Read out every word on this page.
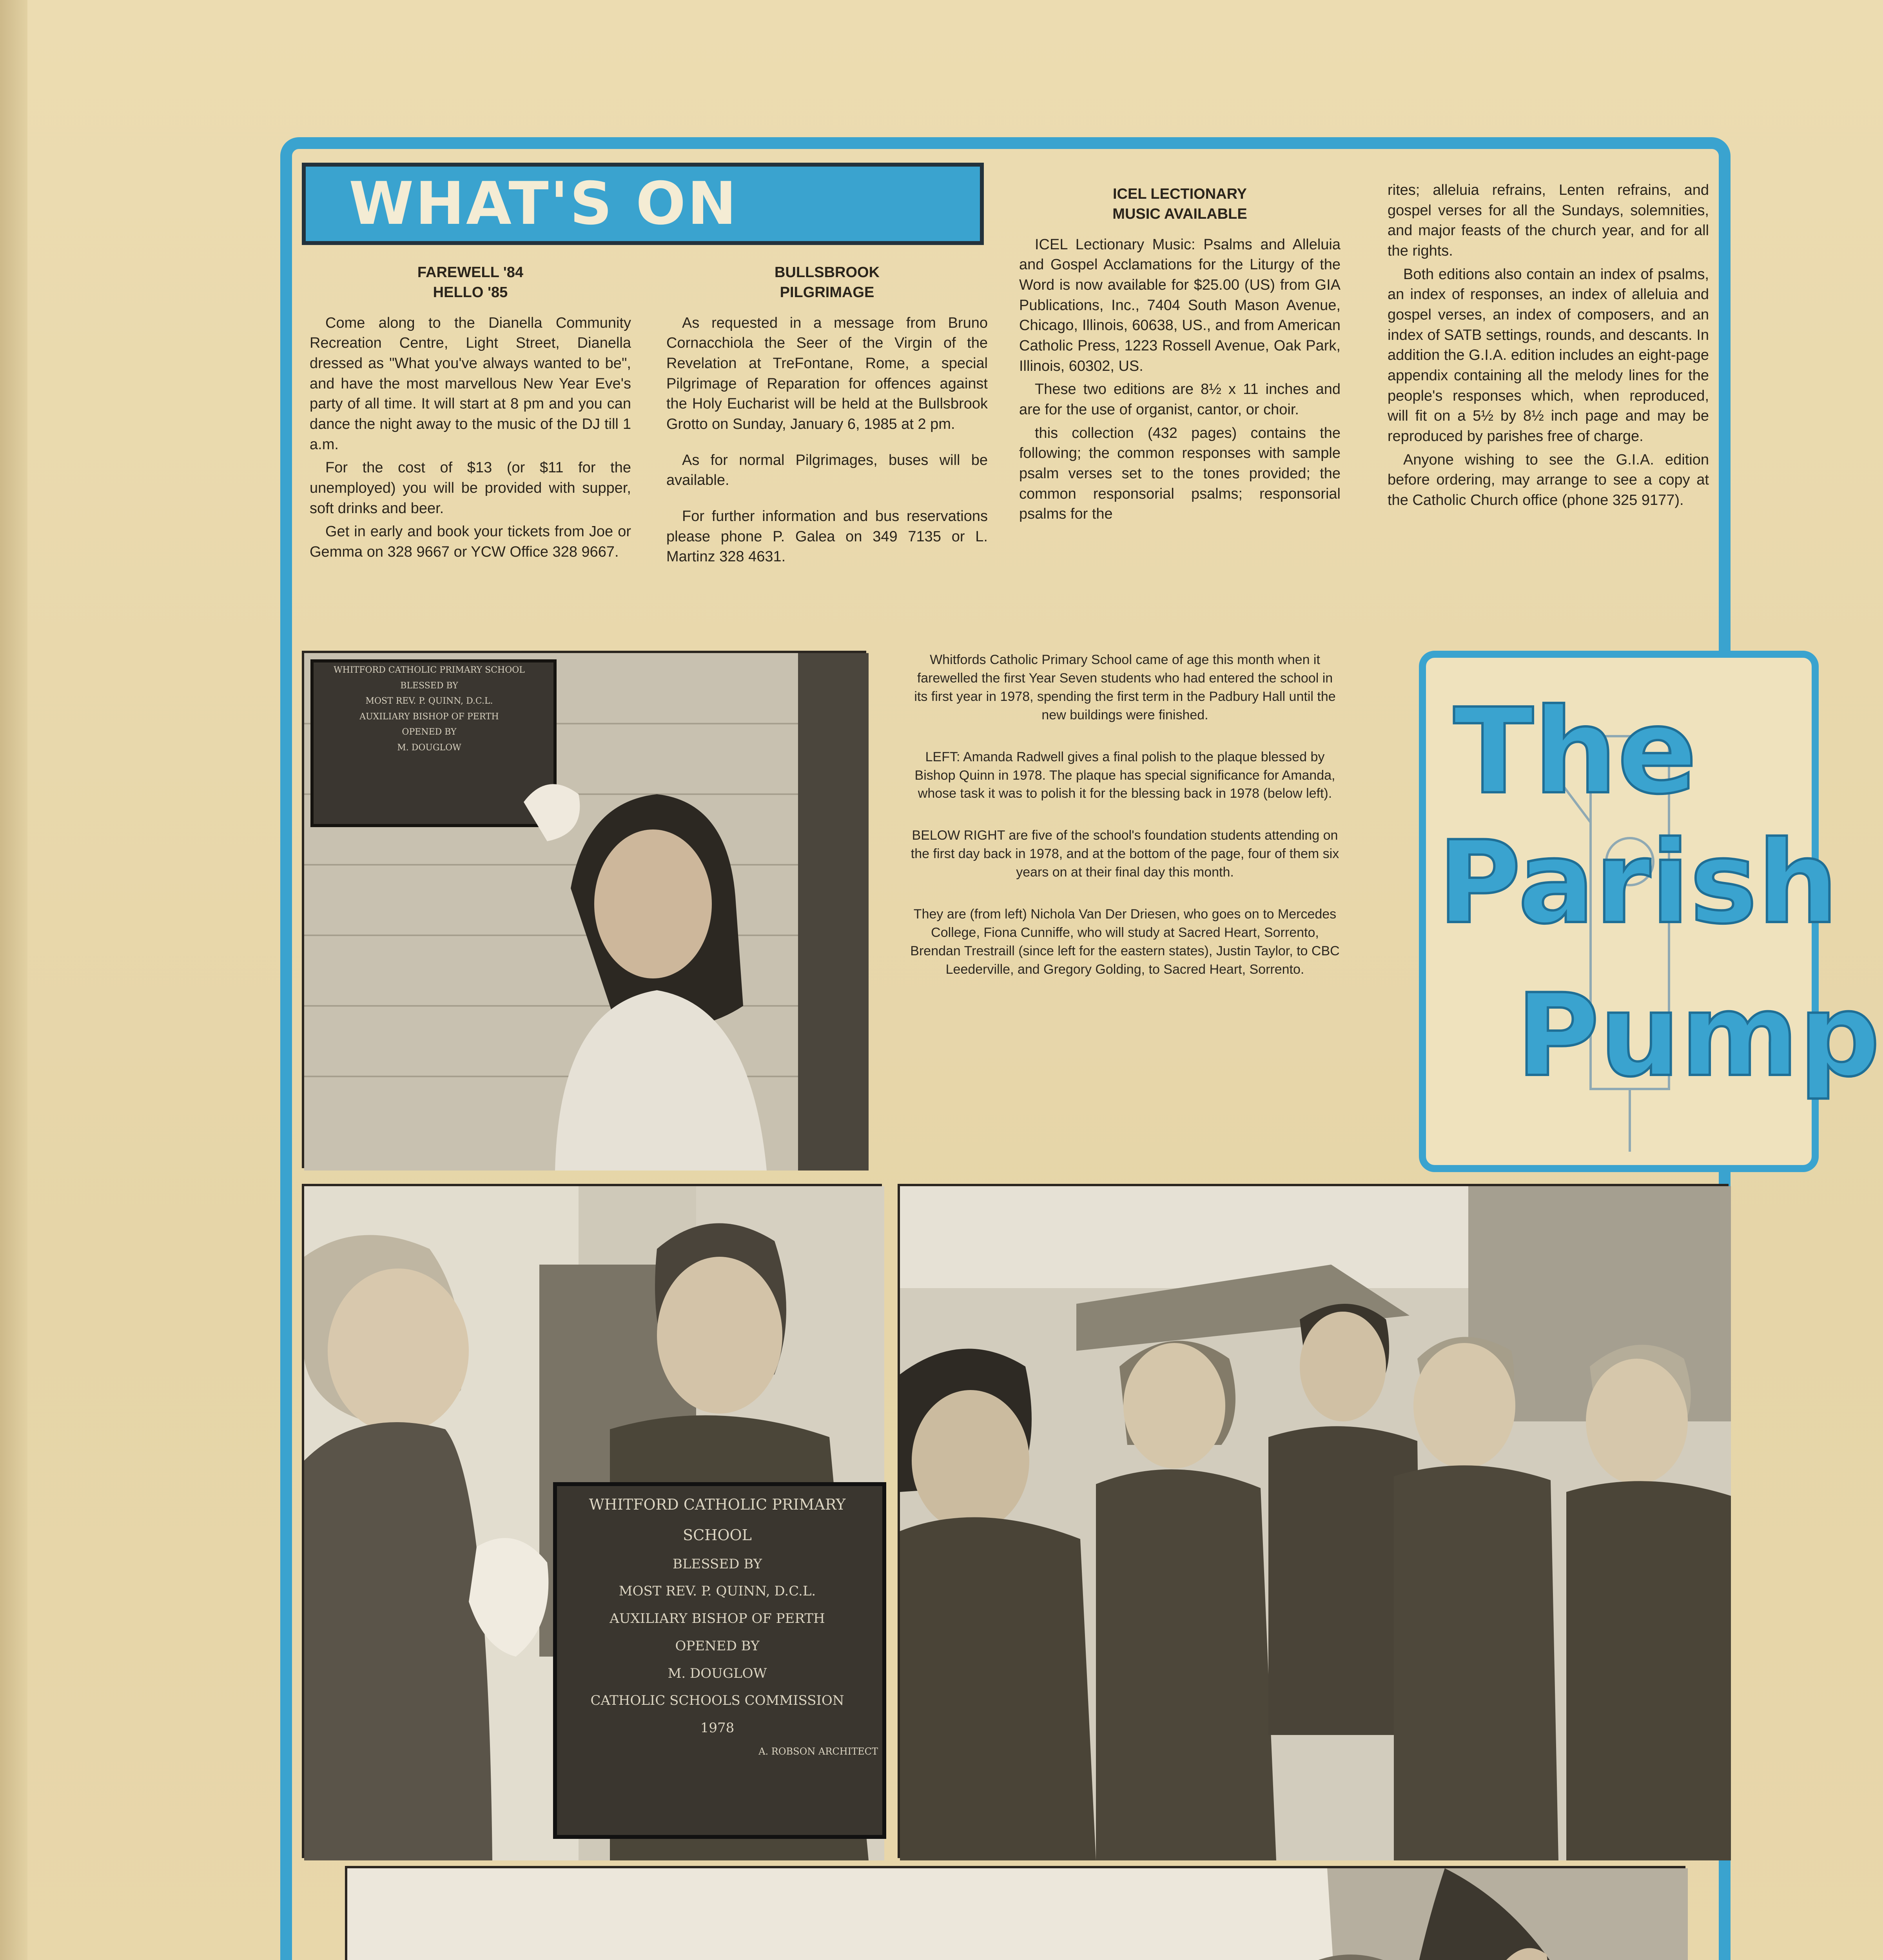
WHAT'S ON
FAREWELL '84
HELLO '85

Come along to the Dianella Community Recreation Centre, Light Street, Dianella dressed as "What you've always wanted to be", and have the most marvellous New Year Eve's party of all time. It will start at 8 pm and you can dance the night away to the music of the DJ till 1 a.m.

For the cost of $13 (or $11 for the unemployed) you will be provided with supper, soft drinks and beer.

Get in early and book your tickets from Joe or Gemma on 328 9667 or YCW Office 328 9667.

BULLSBROOK
PILGRIMAGE

As requested in a message from Bruno Cornacchiola the Seer of the Virgin of the Revelation at TreFontane, Rome, a special Pilgrimage of Reparation for offences against the Holy Eucharist will be held at the Bullsbrook Grotto on Sunday, January 6, 1985 at 2 pm.

As for normal Pilgrimages, buses will be available.

For further information and bus reservations please phone P. Galea on 349 7135 or L. Martinz 328 4631.

ICEL LECTIONARY
MUSIC AVAILABLE

ICEL Lectionary Music: Psalms and Alleluia and Gospel Acclamations for the Liturgy of the Word is now available for $25.00 (US) from GIA Publications, Inc., 7404 South Mason Avenue, Chicago, Illinois, 60638, US., and from American Catholic Press, 1223 Rossell Avenue, Oak Park, Illinois, 60302, US.

These two editions are 8½ x 11 inches and are for the use of organist, cantor, or choir.

this collection (432 pages) contains the following; the common responses with sample psalm verses set to the tones provided; the common responsorial psalms; responsorial psalms for the

rites; alleluia refrains, Lenten refrains, and gospel verses for all the Sundays, solemnities, and major feasts of the church year, and for all the rights.

Both editions also contain an index of psalms, an index of responses, an index of alleluia and gospel verses, an index of composers, and an index of SATB settings, rounds, and descants. In addition the G.I.A. edition includes an eight-page appendix containing all the melody lines for the people's responses which, when reproduced, will fit on a 5½ by 8½ inch page and may be reproduced by parishes free of charge.

Anyone wishing to see the G.I.A. edition before ordering, may arrange to see a copy at the Catholic Church office (phone 325 9177).

WHITFORD CATHOLIC PRIMARY SCHOOL
BLESSED BY
MOST REV. P. QUINN, D.C.L.
AUXILIARY BISHOP OF PERTH
OPENED BY
M. DOUGLOW

Whitfords Catholic Primary School came of age this month when it farewelled the first Year Seven students who had entered the school in its first year in 1978, spending the first term in the Padbury Hall until the new buildings were finished.

LEFT: Amanda Radwell gives a final polish to the plaque blessed by Bishop Quinn in 1978. The plaque has special significance for Amanda, whose task it was to polish it for the blessing back in 1978 (below left).

BELOW RIGHT are five of the school's foundation students attending on the first day back in 1978, and at the bottom of the page, four of them six years on at their final day this month.

They are (from left) Nichola Van Der Driesen, who goes on to Mercedes College, Fiona Cunniffe, who will study at Sacred Heart, Sorrento, Brendan Trestraill (since left for the eastern states), Justin Taylor, to CBC Leederville, and Gregory Golding, to Sacred Heart, Sorrento.

The
Parish
Pump
WHITFORD CATHOLIC PRIMARY SCHOOL
BLESSED BY
MOST REV. P. QUINN, D.C.L.
AUXILIARY BISHOP OF PERTH
OPENED BY
M. DOUGLOW
CATHOLIC SCHOOLS COMMISSION
1978
A. ROBSON ARCHITECT
